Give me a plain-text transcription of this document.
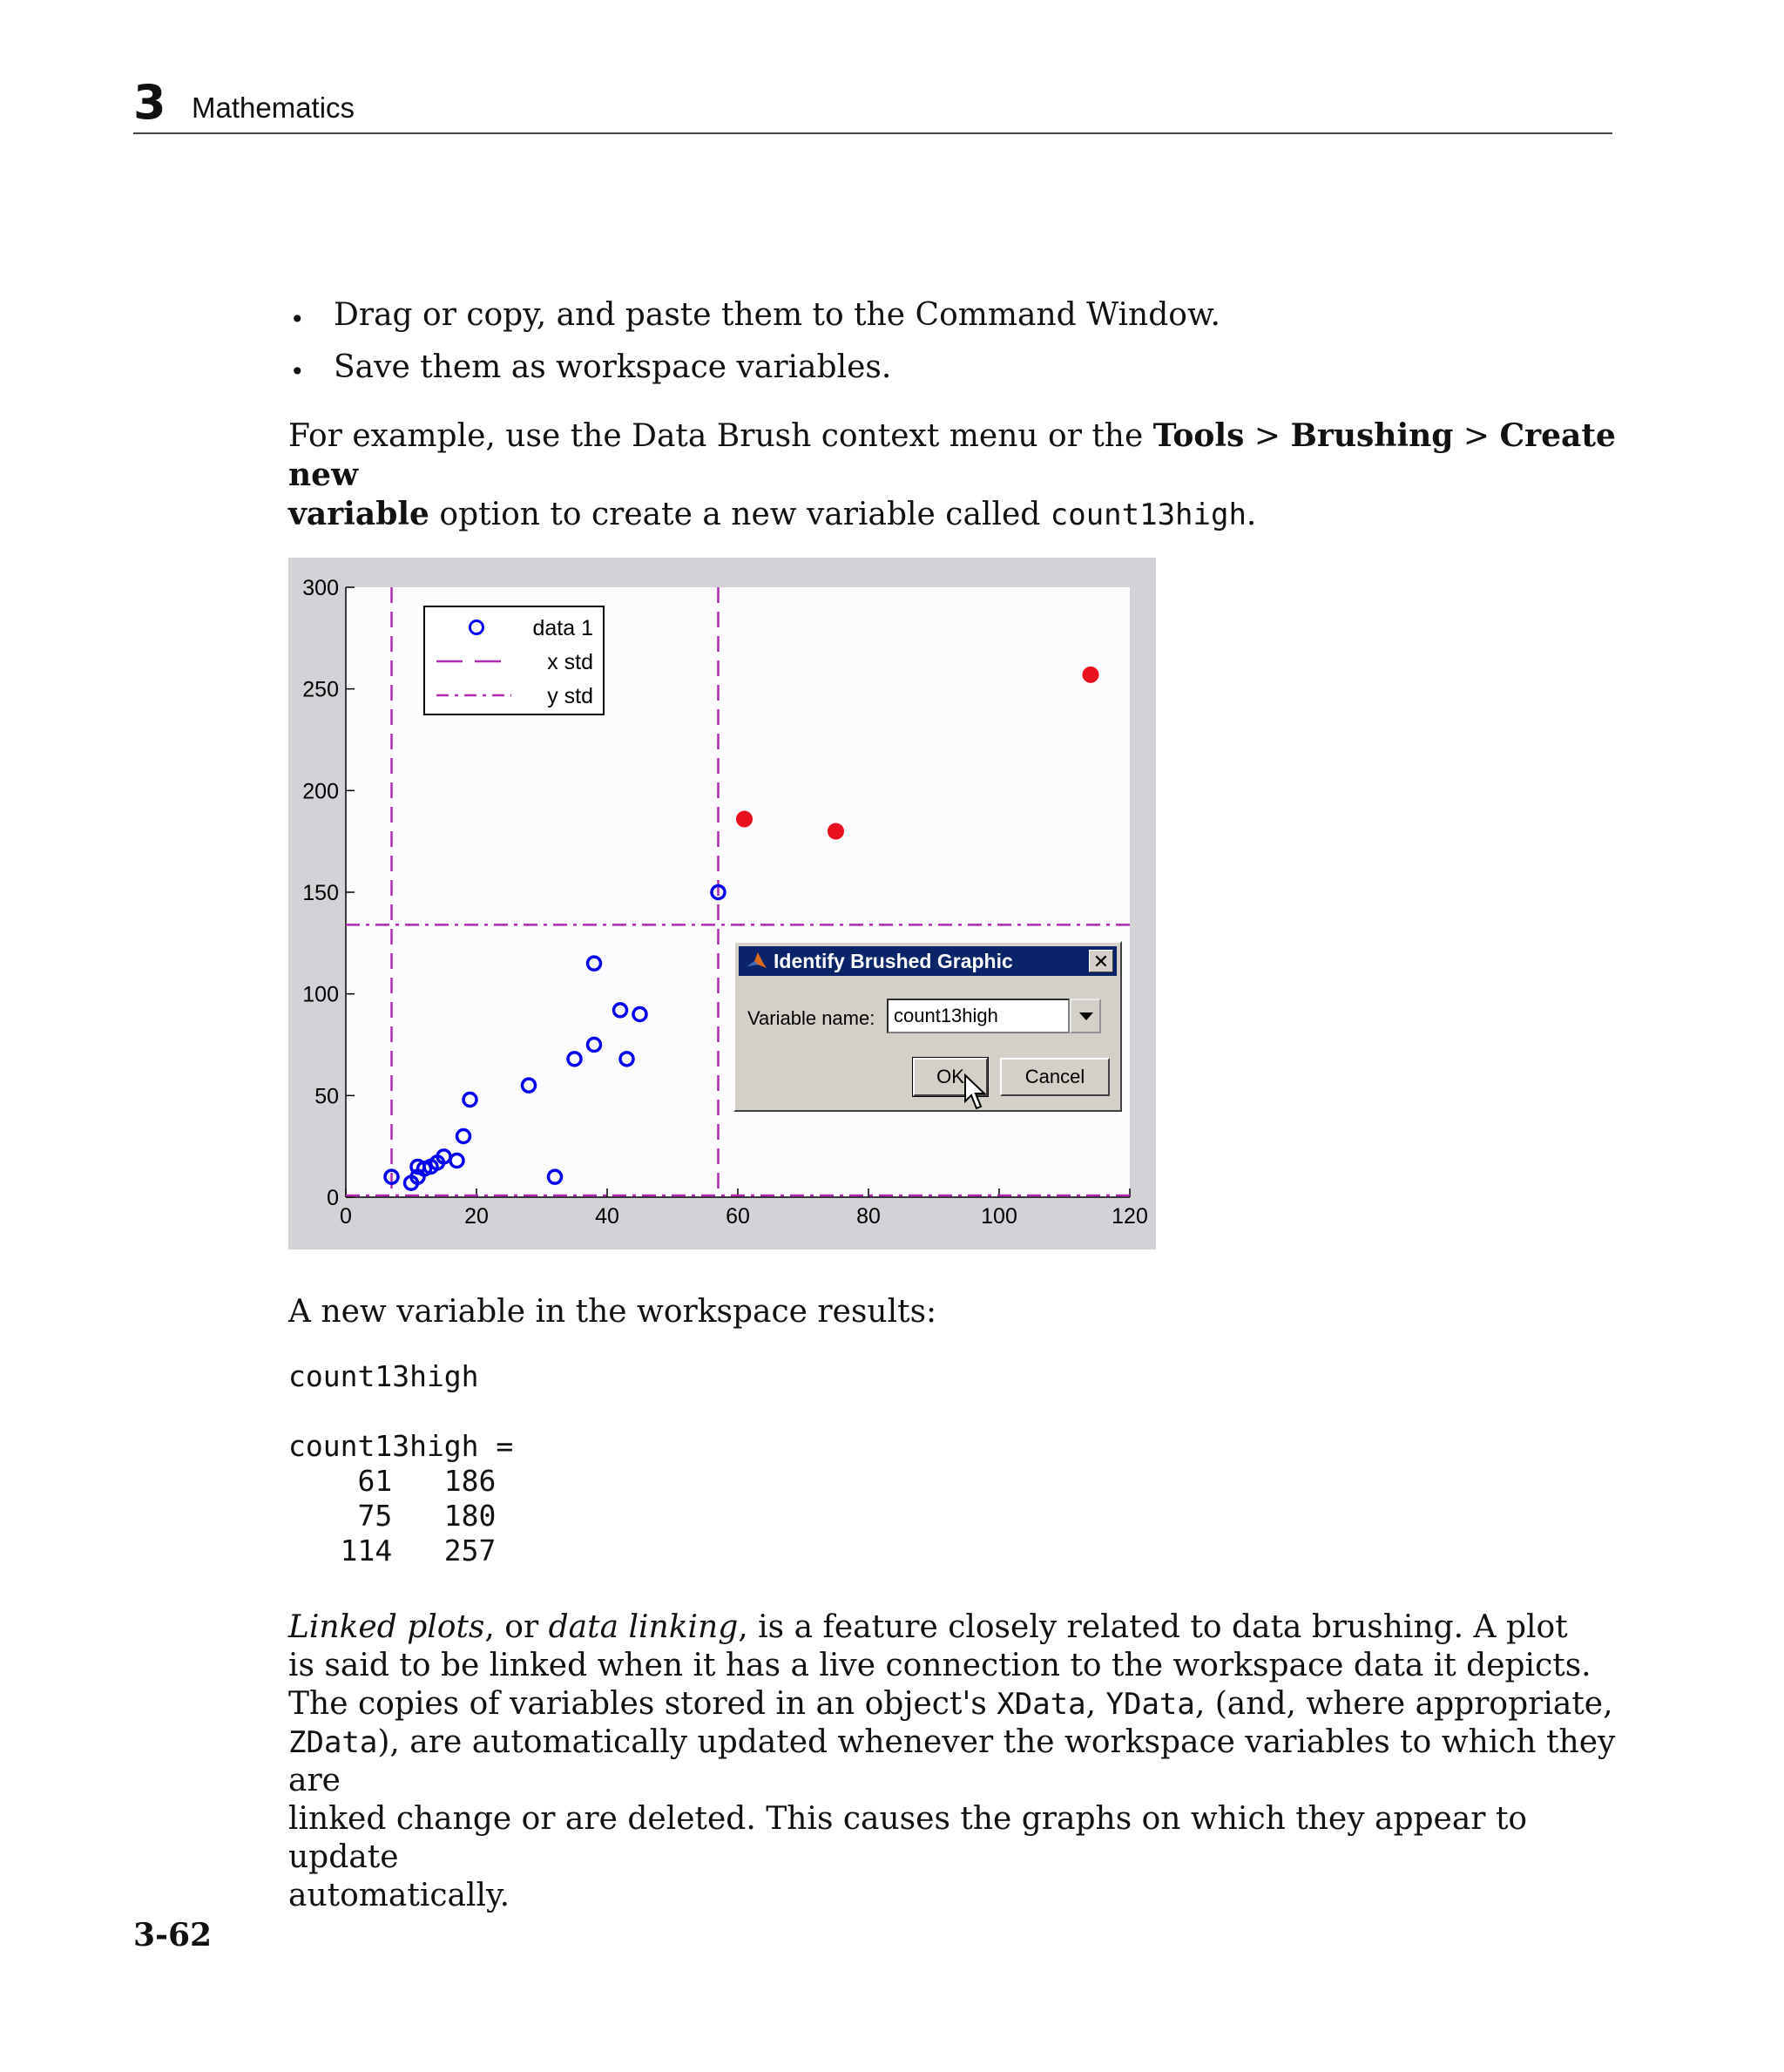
3 Mathematics
• Drag or copy, and paste them to the Command Window.
• Save them as workspace variables.
For example, use the Data Brush context menu or the Tools > Brushing > Create new
variable option to create a new variable called count13high.
0	20	40	60	80	100	120
0
50
100
150
200
250
300
data 1
x std
y std
Identify Brushed Graphic	✕
Variable name:
count13high
OK	Cancel
A new variable in the workspace results:
count13high
count13high =
61   186
75   180
114   257
Linked plots, or data linking, is a feature closely related to data brushing. A plot
is said to be linked when it has a live connection to the workspace data it depicts.
The copies of variables stored in an object's XData, YData, (and, where appropriate,
ZData), are automatically updated whenever the workspace variables to which they are
linked change or are deleted. This causes the graphs on which they appear to update
automatically.
3-62
